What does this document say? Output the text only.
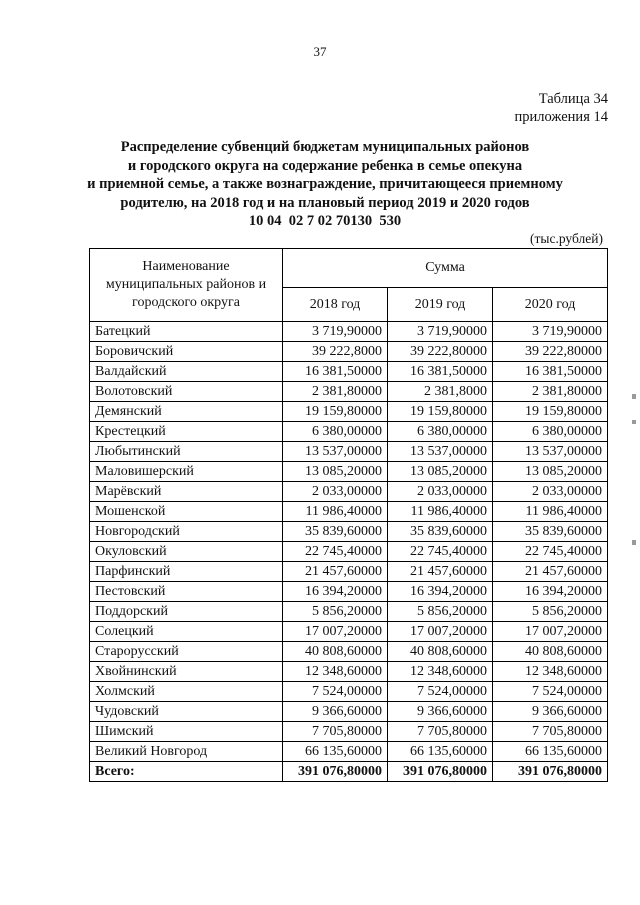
37
Таблица 34
приложения 14
Распределение субвенций бюджетам муниципальных районов
и городского округа на содержание ребенка в семье опекуна
и приемной семье, а также вознаграждение, причитающееся приемному
родителю, на 2018 год и на плановый период 2019 и 2020 годов
10 04  02 7 02 70130  530
(тыс.рублей)
Наименование
муниципальных районов и
городского округа	Сумма		
	2018 год	2019 год	2020 год
Батецкий	3 719,90000	3 719,90000	3 719,90000
Боровичский	39 222,8000	39 222,80000	39 222,80000
Валдайский	16 381,50000	16 381,50000	16 381,50000
Волотовский	2 381,80000	2 381,8000	2 381,80000
Демянский	19 159,80000	19 159,80000	19 159,80000
Крестецкий	6 380,00000	6 380,00000	6 380,00000
Любытинский	13 537,00000	13 537,00000	13 537,00000
Маловишерский	13 085,20000	13 085,20000	13 085,20000
Марёвский	2 033,00000	2 033,00000	2 033,00000
Мошенской	11 986,40000	11 986,40000	11 986,40000
Новгородский	35 839,60000	35 839,60000	35 839,60000
Окуловский	22 745,40000	22 745,40000	22 745,40000
Парфинский	21 457,60000	21 457,60000	21 457,60000
Пестовский	16 394,20000	16 394,20000	16 394,20000
Поддорский	5 856,20000	5 856,20000	5 856,20000
Солецкий	17 007,20000	17 007,20000	17 007,20000
Старорусский	40 808,60000	40 808,60000	40 808,60000
Хвойнинский	12 348,60000	12 348,60000	12 348,60000
Холмский	7 524,00000	7 524,00000	7 524,00000
Чудовский	9 366,60000	9 366,60000	9 366,60000
Шимский	7 705,80000	7 705,80000	7 705,80000
Великий Новгород	66 135,60000	66 135,60000	66 135,60000
Всего:	391 076,80000	391 076,80000	391 076,80000
